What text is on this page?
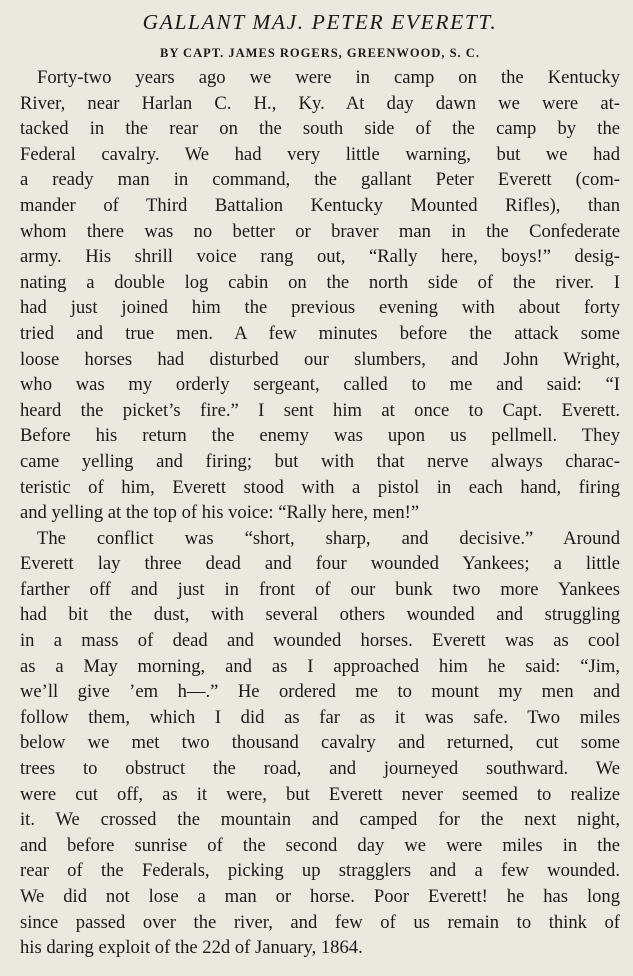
GALLANT MAJ. PETER EVERETT.
BY CAPT. JAMES ROGERS, GREENWOOD, S. C.
Forty-two years ago we were in camp on the Kentucky
River, near Harlan C. H., Ky. At day dawn we were at-
tacked in the rear on the south side of the camp by the
Federal cavalry. We had very little warning, but we had
a ready man in command, the gallant Peter Everett (com-
mander of Third Battalion Kentucky Mounted Rifles), than
whom there was no better or braver man in the Confederate
army. His shrill voice rang out, “Rally here, boys!” desig-
nating a double log cabin on the north side of the river. I
had just joined him the previous evening with about forty
tried and true men. A few minutes before the attack some
loose horses had disturbed our slumbers, and John Wright,
who was my orderly sergeant, called to me and said: “I
heard the picket’s fire.” I sent him at once to Capt. Everett.
Before his return the enemy was upon us pellmell. They
came yelling and firing; but with that nerve always charac-
teristic of him, Everett stood with a pistol in each hand, firing
and yelling at the top of his voice: “Rally here, men!”
The conflict was “short, sharp, and decisive.” Around
Everett lay three dead and four wounded Yankees; a little
farther off and just in front of our bunk two more Yankees
had bit the dust, with several others wounded and struggling
in a mass of dead and wounded horses. Everett was as cool
as a May morning, and as I approached him he said: “Jim,
we’ll give ’em h—.” He ordered me to mount my men and
follow them, which I did as far as it was safe. Two miles
below we met two thousand cavalry and returned, cut some
trees to obstruct the road, and journeyed southward. We
were cut off, as it were, but Everett never seemed to realize
it. We crossed the mountain and camped for the next night,
and before sunrise of the second day we were miles in the
rear of the Federals, picking up stragglers and a few wounded.
We did not lose a man or horse. Poor Everett! he has long
since passed over the river, and few of us remain to think of
his daring exploit of the 22d of January, 1864.
